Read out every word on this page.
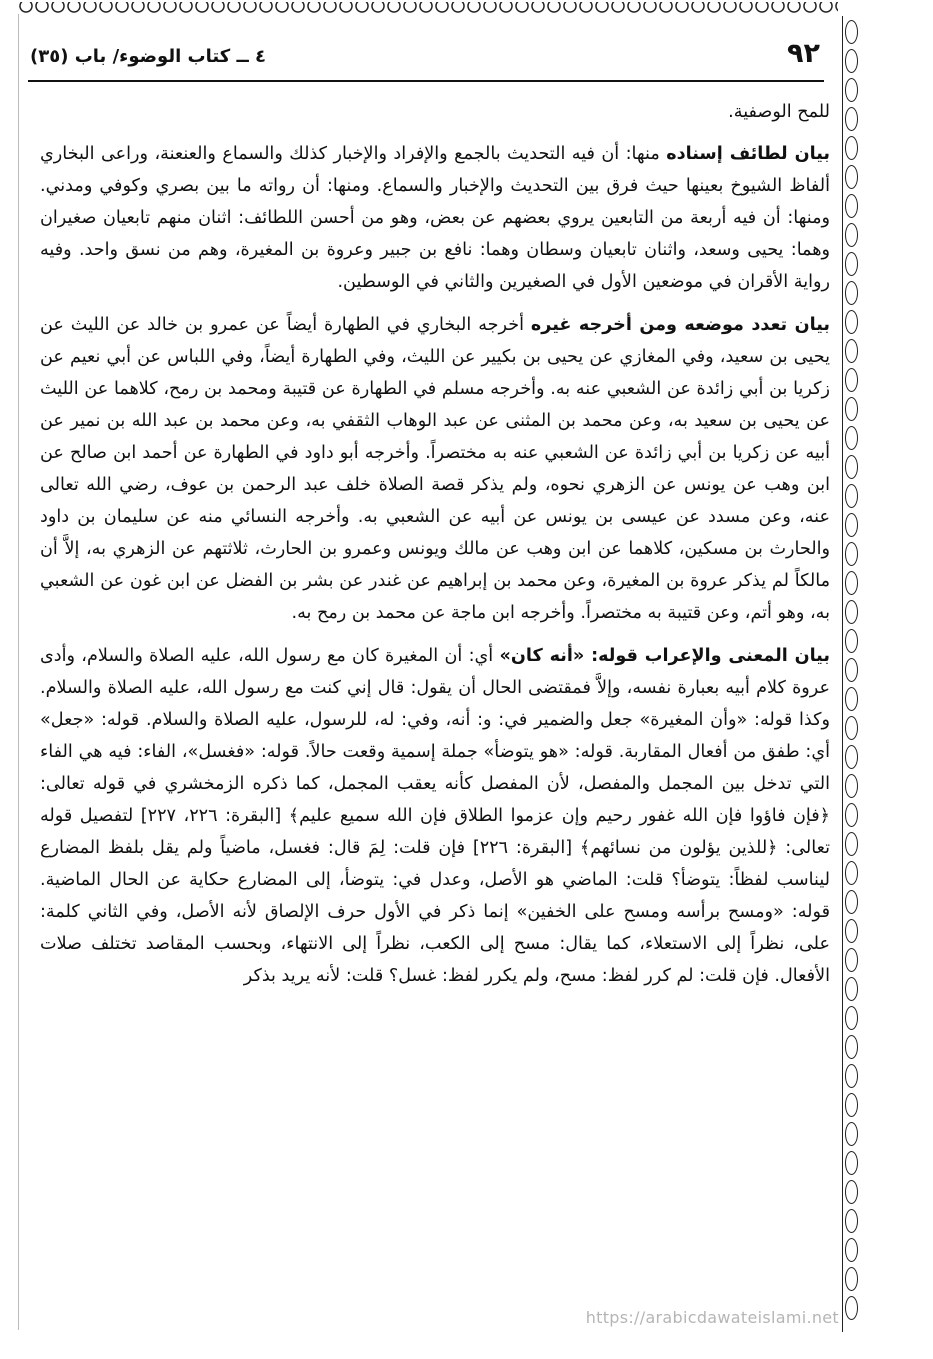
٩٢
٤ ــ كتاب الوضوء/ باب (٣٥)

للمح الوصفية.

بيان لطائف إسناده منها: أن فيه التحديث بالجمع والإفراد والإخبار كذلك والسماع والعنعنة، وراعى البخاري ألفاظ الشيوخ بعينها حيث فرق بين التحديث والإخبار والسماع. ومنها: أن رواته ما بين بصري وكوفي ومدني. ومنها: أن فيه أربعة من التابعين يروي بعضهم عن بعض، وهو من أحسن اللطائف: اثنان منهم تابعيان صغيران وهما: يحيى وسعد، واثنان تابعيان وسطان وهما: نافع بن جبير وعروة بن المغيرة، وهم من نسق واحد. وفيه رواية الأقران في موضعين الأول في الصغيرين والثاني في الوسطين.

بيان تعدد موضعه ومن أخرجه غيره أخرجه البخاري في الطهارة أيضاً عن عمرو بن خالد عن الليث عن يحيى بن سعيد، وفي المغازي عن يحيى بن بكيير عن الليث، وفي الطهارة أيضاً، وفي اللباس عن أبي نعيم عن زكريا بن أبي زائدة عن الشعبي عنه به. وأخرجه مسلم في الطهارة عن قتيبة ومحمد بن رمح، كلاهما عن الليث عن يحيى بن سعيد به، وعن محمد بن المثنى عن عبد الوهاب الثقفي به، وعن محمد بن عبد الله بن نمير عن أبيه عن زكريا بن أبي زائدة عن الشعبي عنه به مختصراً. وأخرجه أبو داود في الطهارة عن أحمد ابن صالح عن ابن وهب عن يونس عن الزهري نحوه، ولم يذكر قصة الصلاة خلف عبد الرحمن بن عوف، رضي الله تعالى عنه، وعن مسدد عن عيسى بن يونس عن أبيه عن الشعبي به. وأخرجه النسائي منه عن سليمان بن داود والحارث بن مسكين، كلاهما عن ابن وهب عن مالك ويونس وعمرو بن الحارث، ثلاثتهم عن الزهري به، إلاَّ أن مالكاً لم يذكر عروة بن المغيرة، وعن محمد بن إبراهيم عن غندر عن بشر بن الفضل عن ابن غون عن الشعبي به، وهو أتم، وعن قتيبة به مختصراً. وأخرجه ابن ماجة عن محمد بن رمح به.

بيان المعنى والإعراب قوله: «أنه كان» أي: أن المغيرة كان مع رسول الله، عليه الصلاة والسلام، وأدى عروة كلام أبيه بعبارة نفسه، وإلاَّ فمقتضى الحال أن يقول: قال إني كنت مع رسول الله، عليه الصلاة والسلام. وكذا قوله: «وأن المغيرة» جعل والضمير في: و: أنه، وفي: له، للرسول، عليه الصلاة والسلام. قوله: «جعل» أي: طفق من أفعال المقاربة. قوله: «هو يتوضأ» جملة إسمية وقعت حالاً. قوله: «فغسل»، الفاء: فيه هي الفاء التي تدخل بين المجمل والمفصل، لأن المفصل كأنه يعقب المجمل، كما ذكره الزمخشري في قوله تعالى: ﴿فإن فاؤوا فإن الله غفور رحيم وإن عزموا الطلاق فإن الله سميع عليم﴾ [البقرة: ٢٢٦، ٢٢٧] لتفصيل قوله تعالى: ﴿للذين يؤلون من نسائهم﴾ [البقرة: ٢٢٦] فإن قلت: لِمَ قال: فغسل، ماضياً ولم يقل بلفظ المضارع ليناسب لفظاً: يتوضأ؟ قلت: الماضي هو الأصل، وعدل في: يتوضأ، إلى المضارع حكاية عن الحال الماضية. قوله: «ومسح برأسه ومسح على الخفين» إنما ذكر في الأول حرف الإلصاق لأنه الأصل، وفي الثاني كلمة: على، نظراً إلى الاستعلاء، كما يقال: مسح إلى الكعب، نظراً إلى الانتهاء، وبحسب المقاصد تختلف صلات الأفعال. فإن قلت: لم كرر لفظ: مسح، ولم يكرر لفظ: غسل؟ قلت: لأنه يريد بذكر

https://arabicdawateislami.net
